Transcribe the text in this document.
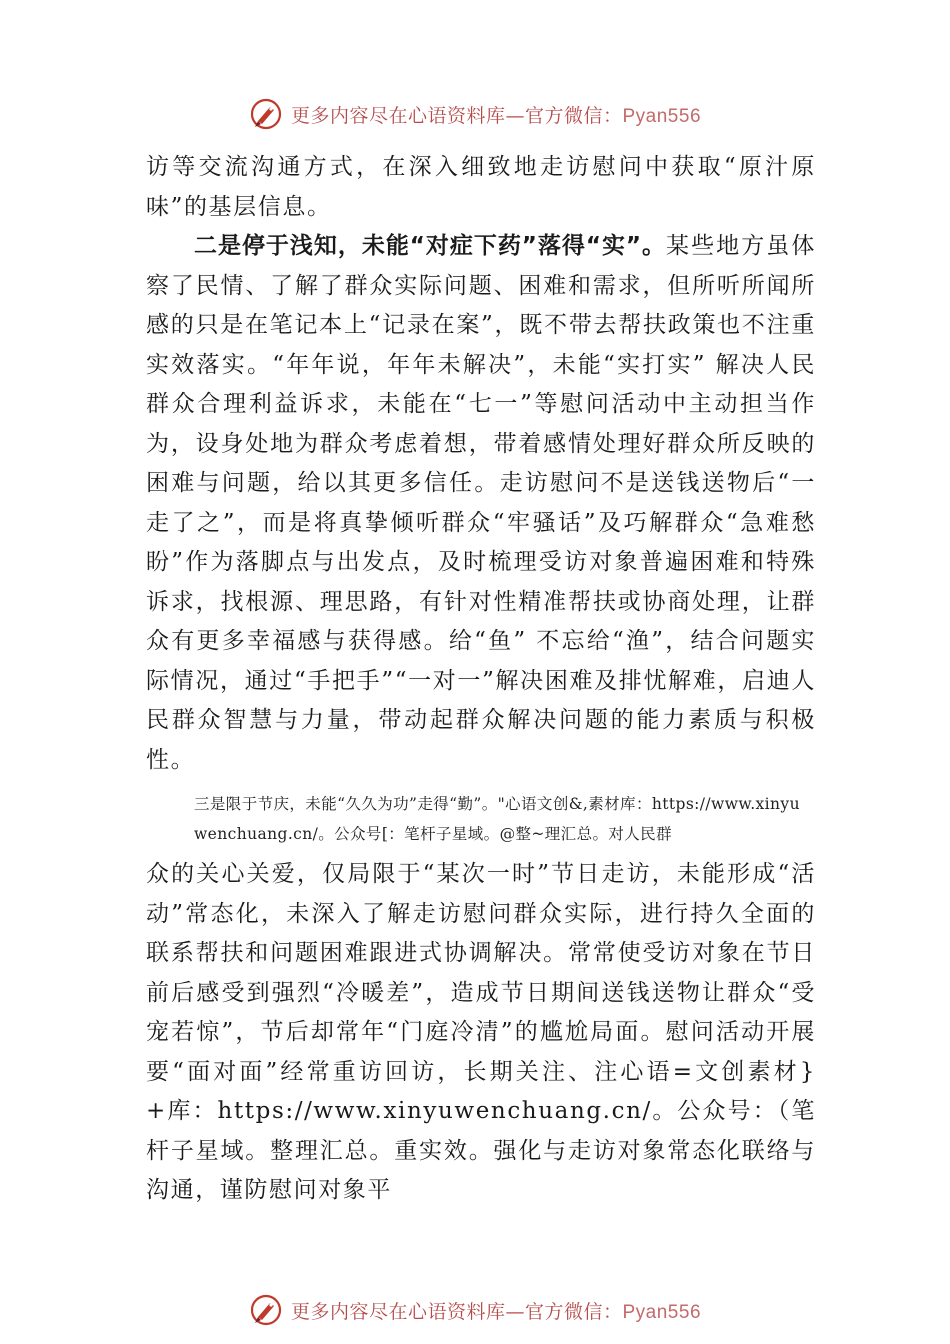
更多内容尽在心语资料库—官方微信：Pyan556

访等交流沟通方式，在深入细致地走访慰问中获取“原汁原味”的基层信息。

二是停于浅知，未能“对症下药”落得“实”。某些地方虽体察了民情、了解了群众实际问题、困难和需求，但所听所闻所感的只是在笔记本上“记录在案”，既不带去帮扶政策也不注重实效落实。“年年说，年年未解决”，未能“实打实” 解决人民群众合理利益诉求，未能在“七一”等慰问活动中主动担当作为，设身处地为群众考虑着想，带着感情处理好群众所反映的困难与问题，给以其更多信任。走访慰问不是送钱送物后“一走了之”，而是将真挚倾听群众“牢骚话”及巧解群众“急难愁盼”作为落脚点与出发点，及时梳理受访对象普遍困难和特殊诉求，找根源、理思路，有针对性精准帮扶或协商处理，让群众有更多幸福感与获得感。给“鱼” 不忘给“渔”，结合问题实际情况，通过“手把手”“一对一”解决困难及排忧解难，启迪人民群众智慧与力量，带动起群众解决问题的能力素质与积极性。

三是限于节庆，未能“久久为功”走得“勤”。"心语文创&,素材库：https://www.xinyuwenchuang.cn/。公众号[：笔杆子星域。@整~理汇总。对人民群

众的关心关爱，仅局限于“某次一时”节日走访，未能形成“活动”常态化，未深入了解走访慰问群众实际，进行持久全面的联系帮扶和问题困难跟进式协调解决。常常使受访对象在节日前后感受到强烈“冷暖差”，造成节日期间送钱送物让群众“受宠若惊”，节后却常年“门庭冷清”的尴尬局面。慰问活动开展要“面对面”经常重访回访，长期关注、注心语=文创素材}+库：https://www.xinyuwenchuang.cn/。公众号：（笔杆子星域。整理汇总。重实效。强化与走访对象常态化联络与沟通，谨防慰问对象平

更多内容尽在心语资料库—官方微信：Pyan556
